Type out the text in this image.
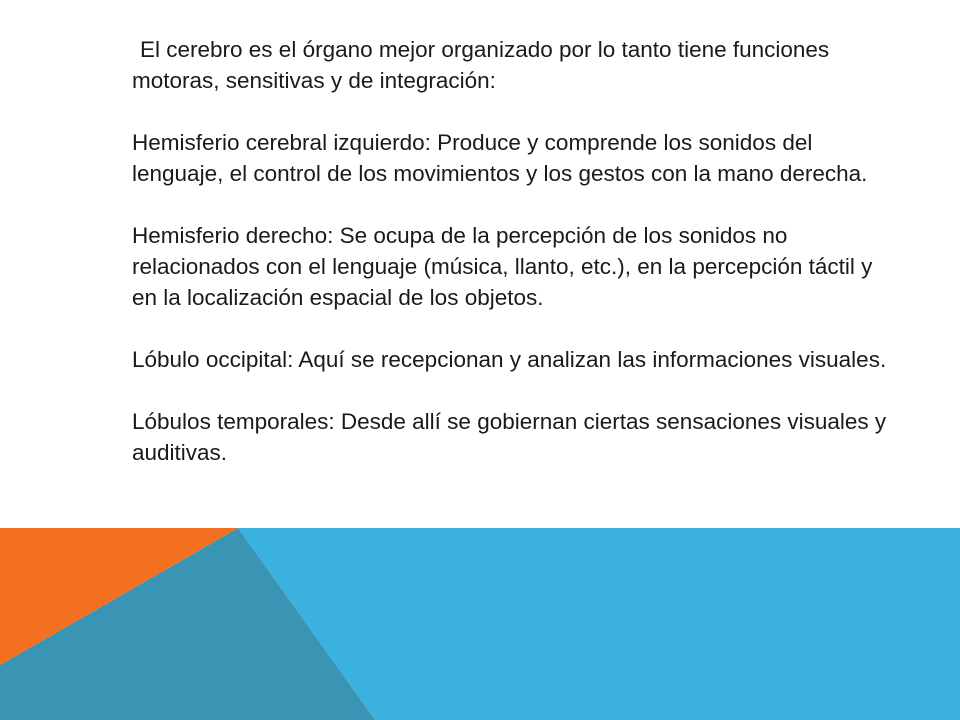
El cerebro es el órgano mejor organizado por lo tanto tiene funciones motoras, sensitivas y de integración:

Hemisferio cerebral izquierdo: Produce y comprende los sonidos del lenguaje, el control de los movimientos y los gestos con la mano derecha.

Hemisferio derecho: Se ocupa de la percepción de los sonidos no relacionados con el lenguaje (música, llanto, etc.), en la percepción táctil y en la localización espacial de los objetos.

Lóbulo occipital: Aquí se recepcionan y analizan las informaciones visuales.

Lóbulos temporales: Desde allí se gobiernan ciertas sensaciones visuales y auditivas.
